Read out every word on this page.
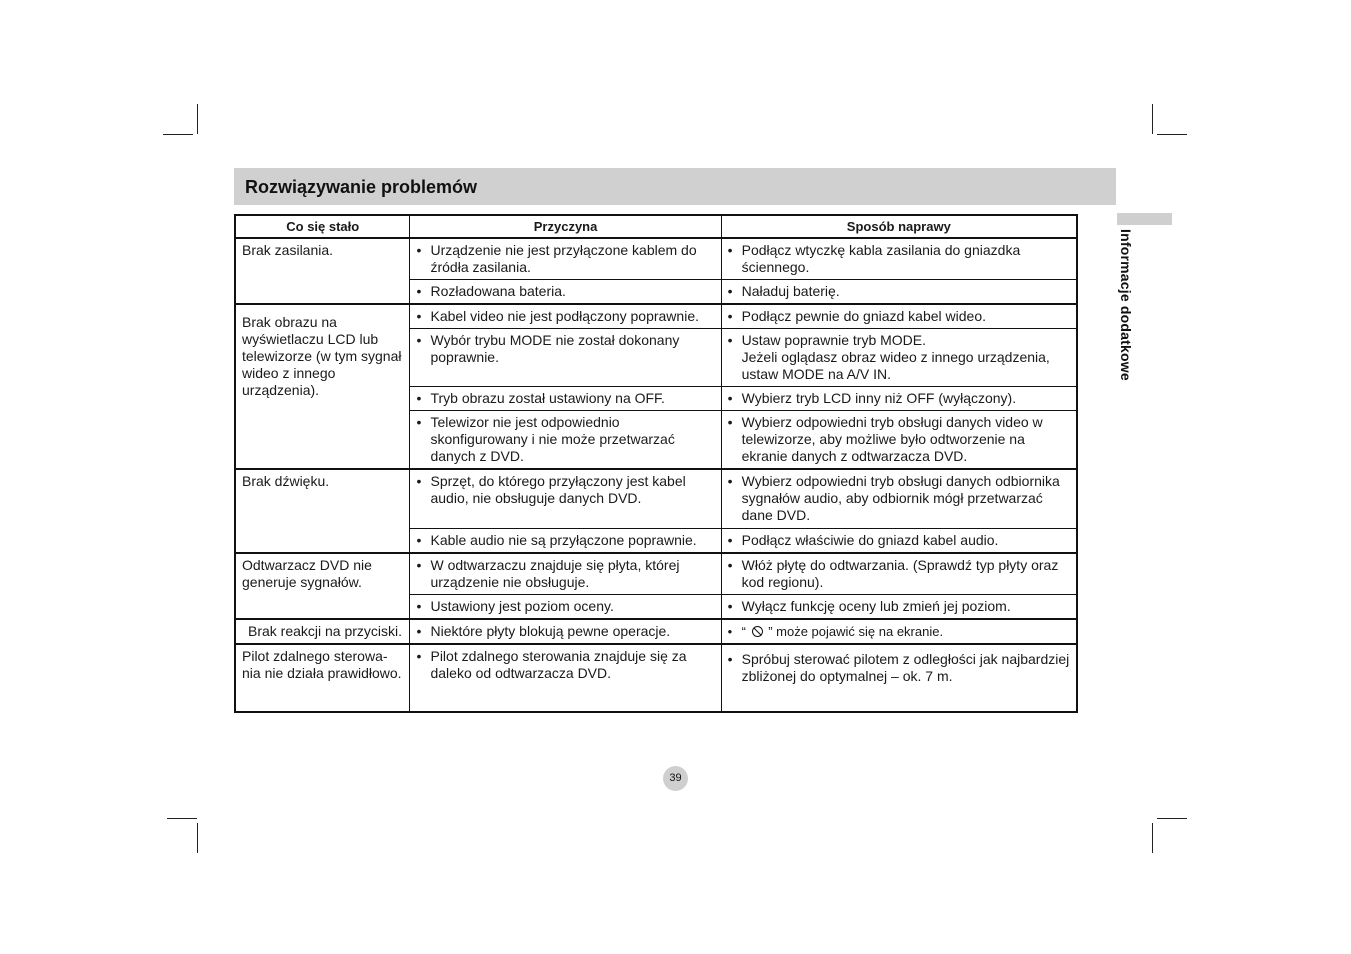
Rozwiązywanie problemów
Informacje dodatkowe
Co się stało	Przyczyna	Sposób naprawy
Brak zasilania.	• Urządzenie nie jest przyłączone kablem do źródła zasilania.	• Podłącz wtyczkę kabla zasilania do gniazdka ściennego.

	• Rozładowana bateria.	• Naładuj baterię.

Brak obrazu na wyświetlaczu LCD lub telewizorze (w tym sygnał wideo z innego urządzenia).	• Kabel video nie jest podłączony poprawnie.	• Podłącz pewnie do gniazd kabel wideo.

	• Wybór trybu MODE nie został dokonany poprawnie.	• Ustaw poprawnie tryb MODE.
Jeżeli oglądasz obraz wideo z innego urządzenia, ustaw MODE na A/V IN.

	• Tryb obrazu został ustawiony na OFF.	• Wybierz tryb LCD inny niż OFF (wyłączony).

	• Telewizor nie jest odpowiednio skonfigurowany i nie może przetwarzać danych z DVD.	• Wybierz odpowiedni tryb obsługi danych video w telewizorze, aby możliwe było odtworzenie na ekranie danych z odtwarzacza DVD.

Brak dźwięku.	• Sprzęt, do którego przyłączony jest kabel audio, nie obsługuje danych DVD.	• Wybierz odpowiedni tryb obsługi danych odbiornika sygnałów audio, aby odbiornik mógł przetwarzać dane DVD.

	• Kable audio nie są przyłączone poprawnie.	• Podłącz właściwie do gniazd kabel audio.

Odtwarzacz DVD nie generuje sygnałów.	• W odtwarzaczu znajduje się płyta, której urządzenie nie obsługuje.	• Włóż płytę do odtwarzania. (Sprawdź typ płyty oraz kod regionu).

	• Ustawiony jest poziom oceny.	• Wyłącz funkcję oceny lub zmień jej poziom.

Brak reakcji na przyciski.	• Niektóre płyty blokują pewne operacje.	• “ ” może pojawić się na ekranie.

Pilot zdalnego sterowa-nia nie działa prawidłowo.	• Pilot zdalnego sterowania znajduje się za daleko od odtwarzacza DVD.	• Spróbuj sterować pilotem z odległości jak najbardziej zbliżonej do optymalnej – ok. 7 m.
39
